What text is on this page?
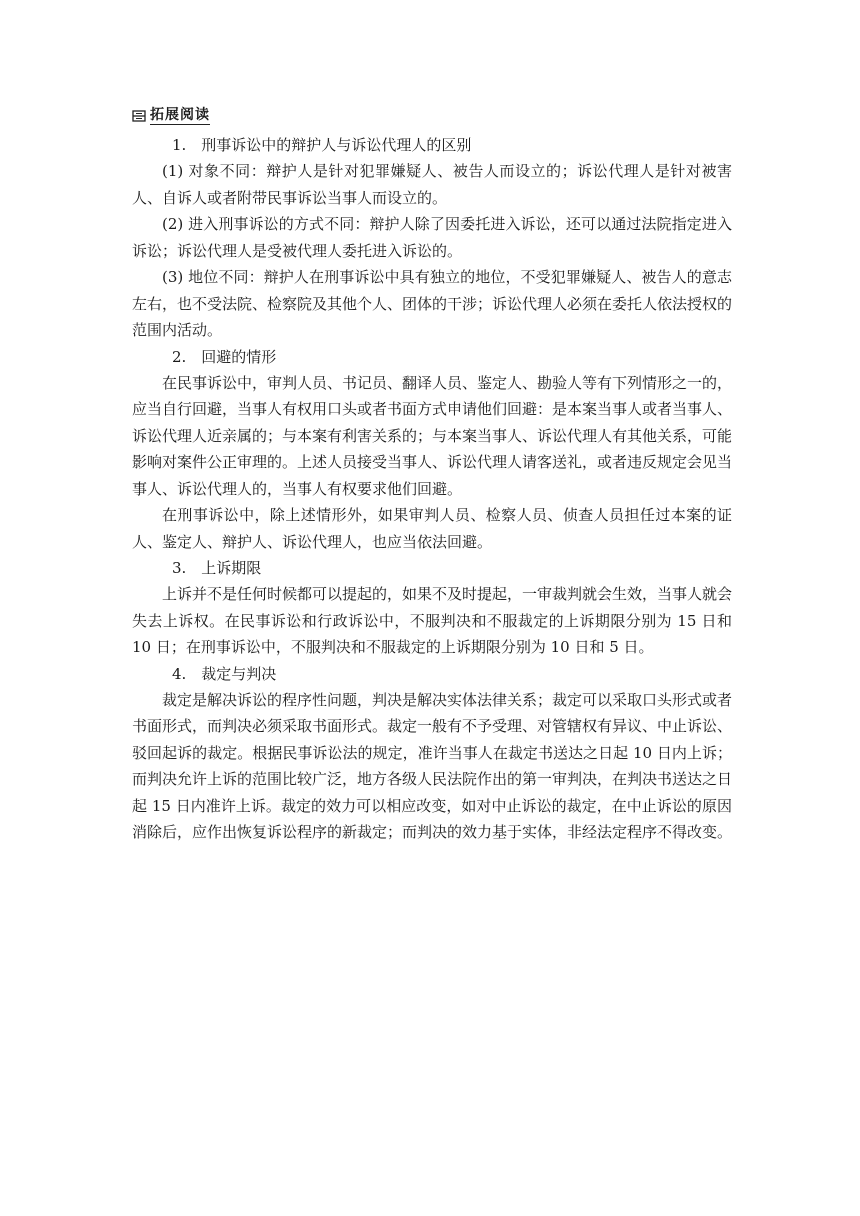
拓展阅读

1.　刑事诉讼中的辩护人与诉讼代理人的区别

(1) 对象不同：辩护人是针对犯罪嫌疑人、被告人而设立的；诉讼代理人是针对被害人、自诉人或者附带民事诉讼当事人而设立的。

(2) 进入刑事诉讼的方式不同：辩护人除了因委托进入诉讼，还可以通过法院指定进入诉讼；诉讼代理人是受被代理人委托进入诉讼的。

(3) 地位不同：辩护人在刑事诉讼中具有独立的地位，不受犯罪嫌疑人、被告人的意志左右，也不受法院、检察院及其他个人、团体的干涉；诉讼代理人必须在委托人依法授权的范围内活动。

2.　回避的情形

在民事诉讼中，审判人员、书记员、翻译人员、鉴定人、勘验人等有下列情形之一的，应当自行回避，当事人有权用口头或者书面方式申请他们回避：是本案当事人或者当事人、诉讼代理人近亲属的；与本案有利害关系的；与本案当事人、诉讼代理人有其他关系，可能影响对案件公正审理的。上述人员接受当事人、诉讼代理人请客送礼，或者违反规定会见当事人、诉讼代理人的，当事人有权要求他们回避。

在刑事诉讼中，除上述情形外，如果审判人员、检察人员、侦查人员担任过本案的证人、鉴定人、辩护人、诉讼代理人，也应当依法回避。

3.　上诉期限

上诉并不是任何时候都可以提起的，如果不及时提起，一审裁判就会生效，当事人就会失去上诉权。在民事诉讼和行政诉讼中，不服判决和不服裁定的上诉期限分别为 15 日和 10 日；在刑事诉讼中，不服判决和不服裁定的上诉期限分别为 10 日和 5 日。

4.　裁定与判决

裁定是解决诉讼的程序性问题，判决是解决实体法律关系；裁定可以采取口头形式或者书面形式，而判决必须采取书面形式。裁定一般有不予受理、对管辖权有异议、中止诉讼、驳回起诉的裁定。根据民事诉讼法的规定，准许当事人在裁定书送达之日起 10 日内上诉；而判决允许上诉的范围比较广泛，地方各级人民法院作出的第一审判决，在判决书送达之日起 15 日内准许上诉。裁定的效力可以相应改变，如对中止诉讼的裁定，在中止诉讼的原因消除后，应作出恢复诉讼程序的新裁定；而判决的效力基于实体，非经法定程序不得改变。
